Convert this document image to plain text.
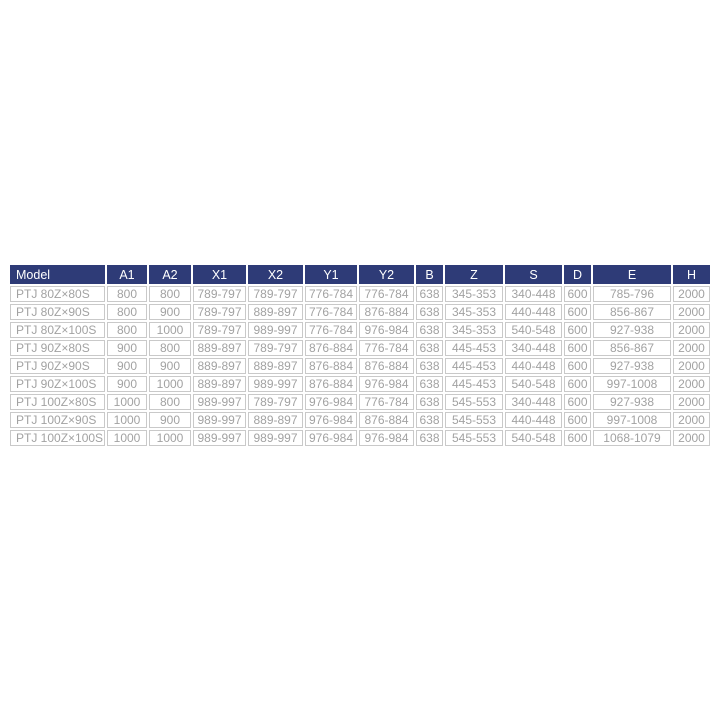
Model	A1	A2	X1	X2	Y1	Y2	B	Z	S	D	E	H
PTJ 80Z×80S	800	800	789-797	789-797	776-784	776-784	638	345-353	340-448	600	785-796	2000
PTJ 80Z×90S	800	900	789-797	889-897	776-784	876-884	638	345-353	440-448	600	856-867	2000
PTJ 80Z×100S	800	1000	789-797	989-997	776-784	976-984	638	345-353	540-548	600	927-938	2000
PTJ 90Z×80S	900	800	889-897	789-797	876-884	776-784	638	445-453	340-448	600	856-867	2000
PTJ 90Z×90S	900	900	889-897	889-897	876-884	876-884	638	445-453	440-448	600	927-938	2000
PTJ 90Z×100S	900	1000	889-897	989-997	876-884	976-984	638	445-453	540-548	600	997-1008	2000
PTJ 100Z×80S	1000	800	989-997	789-797	976-984	776-784	638	545-553	340-448	600	927-938	2000
PTJ 100Z×90S	1000	900	989-997	889-897	976-984	876-884	638	545-553	440-448	600	997-1008	2000
PTJ 100Z×100S	1000	1000	989-997	989-997	976-984	976-984	638	545-553	540-548	600	1068-1079	2000
